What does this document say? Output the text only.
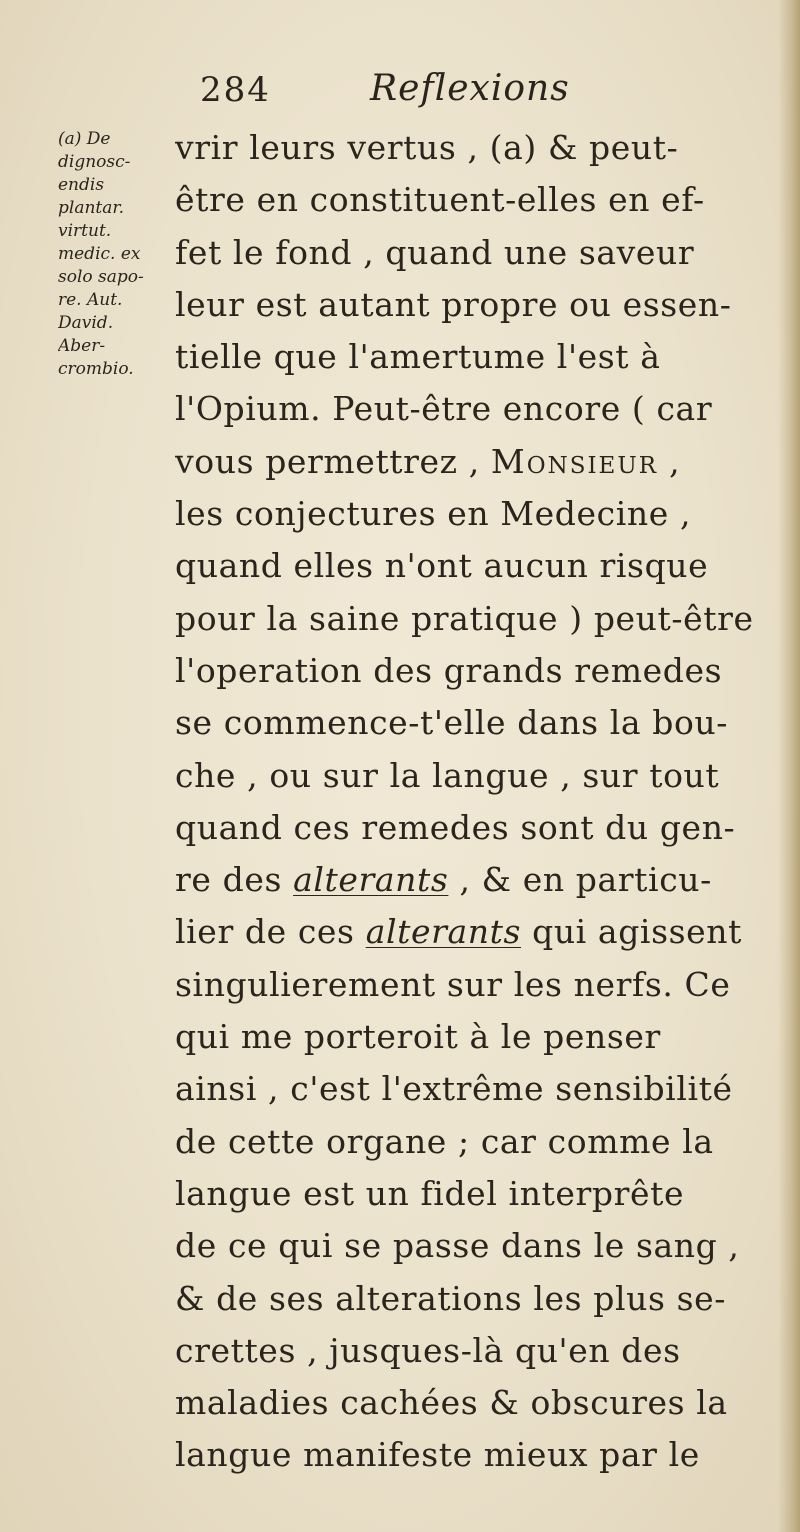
284	Reflexions
(a) De
dignosc-
endis
plantar.
virtut.
medic. ex
solo sapo-
re. Aut.
David.
Aber-
crombio.
vrir leurs vertus , (a) & peut-
être en constituent-elles en ef-
fet le fond , quand une saveur
leur est autant propre ou essen-
tielle que l'amertume l'est à
l'Opium. Peut-être encore ( car
vous permettrez , Monsieur ,
les conjectures en Medecine ,
quand elles n'ont aucun risque
pour la saine pratique ) peut-être
l'operation des grands remedes
se commence-t'elle dans la bou-
che , ou sur la langue , sur tout
quand ces remedes sont du gen-
re des alterants , & en particu-
lier de ces alterants qui agissent
singulierement sur les nerfs. Ce
qui me porteroit à le penser
ainsi , c'est l'extrême sensibilité
de cette organe ; car comme la
langue est un fidel interprête
de ce qui se passe dans le sang ,
& de ses alterations les plus se-
crettes , jusques-là qu'en des
maladies cachées & obscures la
langue manifeste mieux par le
